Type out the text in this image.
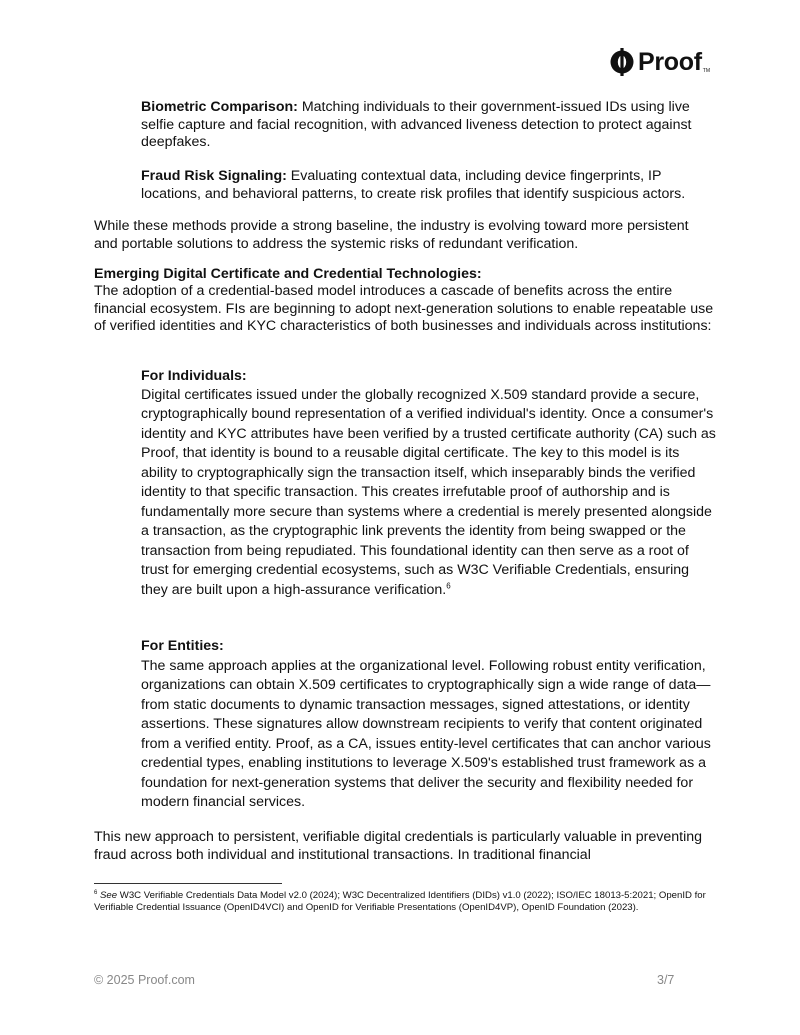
Proof TM

Biometric Comparison: Matching individuals to their government-issued IDs using live selfie capture and facial recognition, with advanced liveness detection to protect against deepfakes.

Fraud Risk Signaling: Evaluating contextual data, including device fingerprints, IP locations, and behavioral patterns, to create risk profiles that identify suspicious actors.

While these methods provide a strong baseline, the industry is evolving toward more persistent and portable solutions to address the systemic risks of redundant verification.

Emerging Digital Certificate and Credential Technologies:

The adoption of a credential-based model introduces a cascade of benefits across the entire financial ecosystem. FIs are beginning to adopt next-generation solutions to enable repeatable use of verified identities and KYC characteristics of both businesses and individuals across institutions:

For Individuals:

Digital certificates issued under the globally recognized X.509 standard provide a secure, cryptographically bound representation of a verified individual's identity. Once a consumer's identity and KYC attributes have been verified by a trusted certificate authority (CA) such as Proof, that identity is bound to a reusable digital certificate. The key to this model is its ability to cryptographically sign the transaction itself, which inseparably binds the verified identity to that specific transaction. This creates irrefutable proof of authorship and is fundamentally more secure than systems where a credential is merely presented alongside a transaction, as the cryptographic link prevents the identity from being swapped or the transaction from being repudiated. This foundational identity can then serve as a root of trust for emerging credential ecosystems, such as W3C Verifiable Credentials, ensuring they are built upon a high-assurance verification.$^6$

For Entities:

The same approach applies at the organizational level. Following robust entity verification, organizations can obtain X.509 certificates to cryptographically sign a wide range of data—from static documents to dynamic transaction messages, signed attestations, or identity assertions. These signatures allow downstream recipients to verify that content originated from a verified entity. Proof, as a CA, issues entity-level certificates that can anchor various credential types, enabling institutions to leverage X.509's established trust framework as a foundation for next-generation systems that deliver the security and flexibility needed for modern financial services.

This new approach to persistent, verifiable digital credentials is particularly valuable in preventing fraud across both individual and institutional transactions. In traditional financial

$^6$ See W3C Verifiable Credentials Data Model v2.0 (2024); W3C Decentralized Identifiers (DIDs) v1.0 (2022); ISO/IEC 18013-5:2021; OpenID for Verifiable Credential Issuance (OpenID4VCI) and OpenID for Verifiable Presentations (OpenID4VP), OpenID Foundation (2023).

© 2025 Proof.com	3/7
